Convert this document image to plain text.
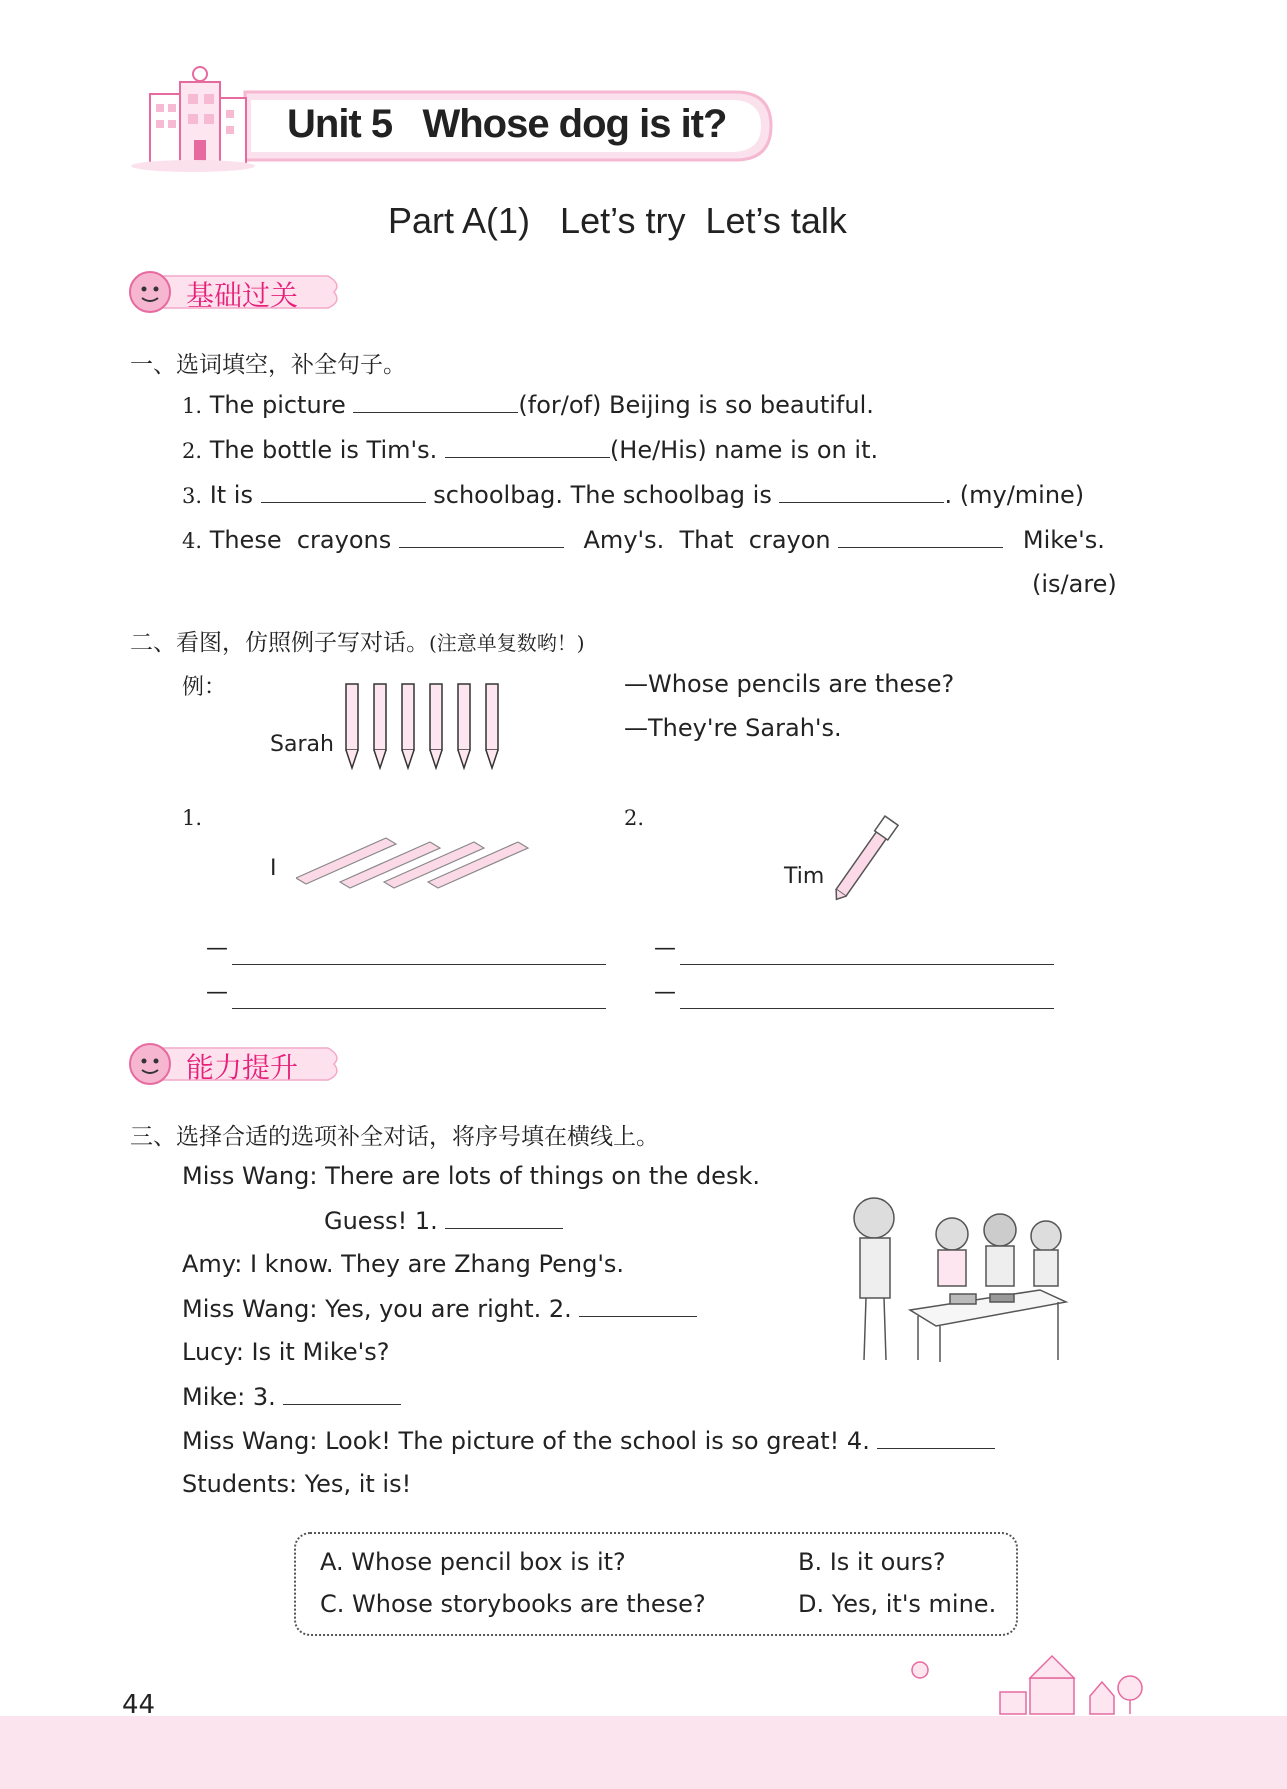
Unit 5   Whose dog is it?
Part A(1)   Let’s try  Let’s talk
基础过关
一、选词填空，补全句子。
1. The picture	(for/of) Beijing is so beautiful.
2. The bottle is Tim's.	(He/His) name is on it.
3. It is	schoolbag. The schoolbag is	. (my/mine)
4. These  crayons	Amy's.  That  crayon	Mike's.
(is/are)
二、看图，仿照例子写对话。(注意单复数哟！)
例：
Sarah
—Whose pencils are these?
—They're Sarah's.
1.
I
2.
Tim
—
—
—
—
能力提升
三、选择合适的选项补全对话，将序号填在横线上。
Miss Wang: There are lots of things on the desk.
Guess! 1.
Amy: I know. They are Zhang Peng's.
Miss Wang: Yes, you are right. 2.
Lucy: Is it Mike's?
Mike: 3.
Miss Wang: Look! The picture of the school is so great! 4.
Students: Yes, it is!
A. Whose pencil box is it?	B. Is it ours?
C. Whose storybooks are these?	D. Yes, it's mine.
44
